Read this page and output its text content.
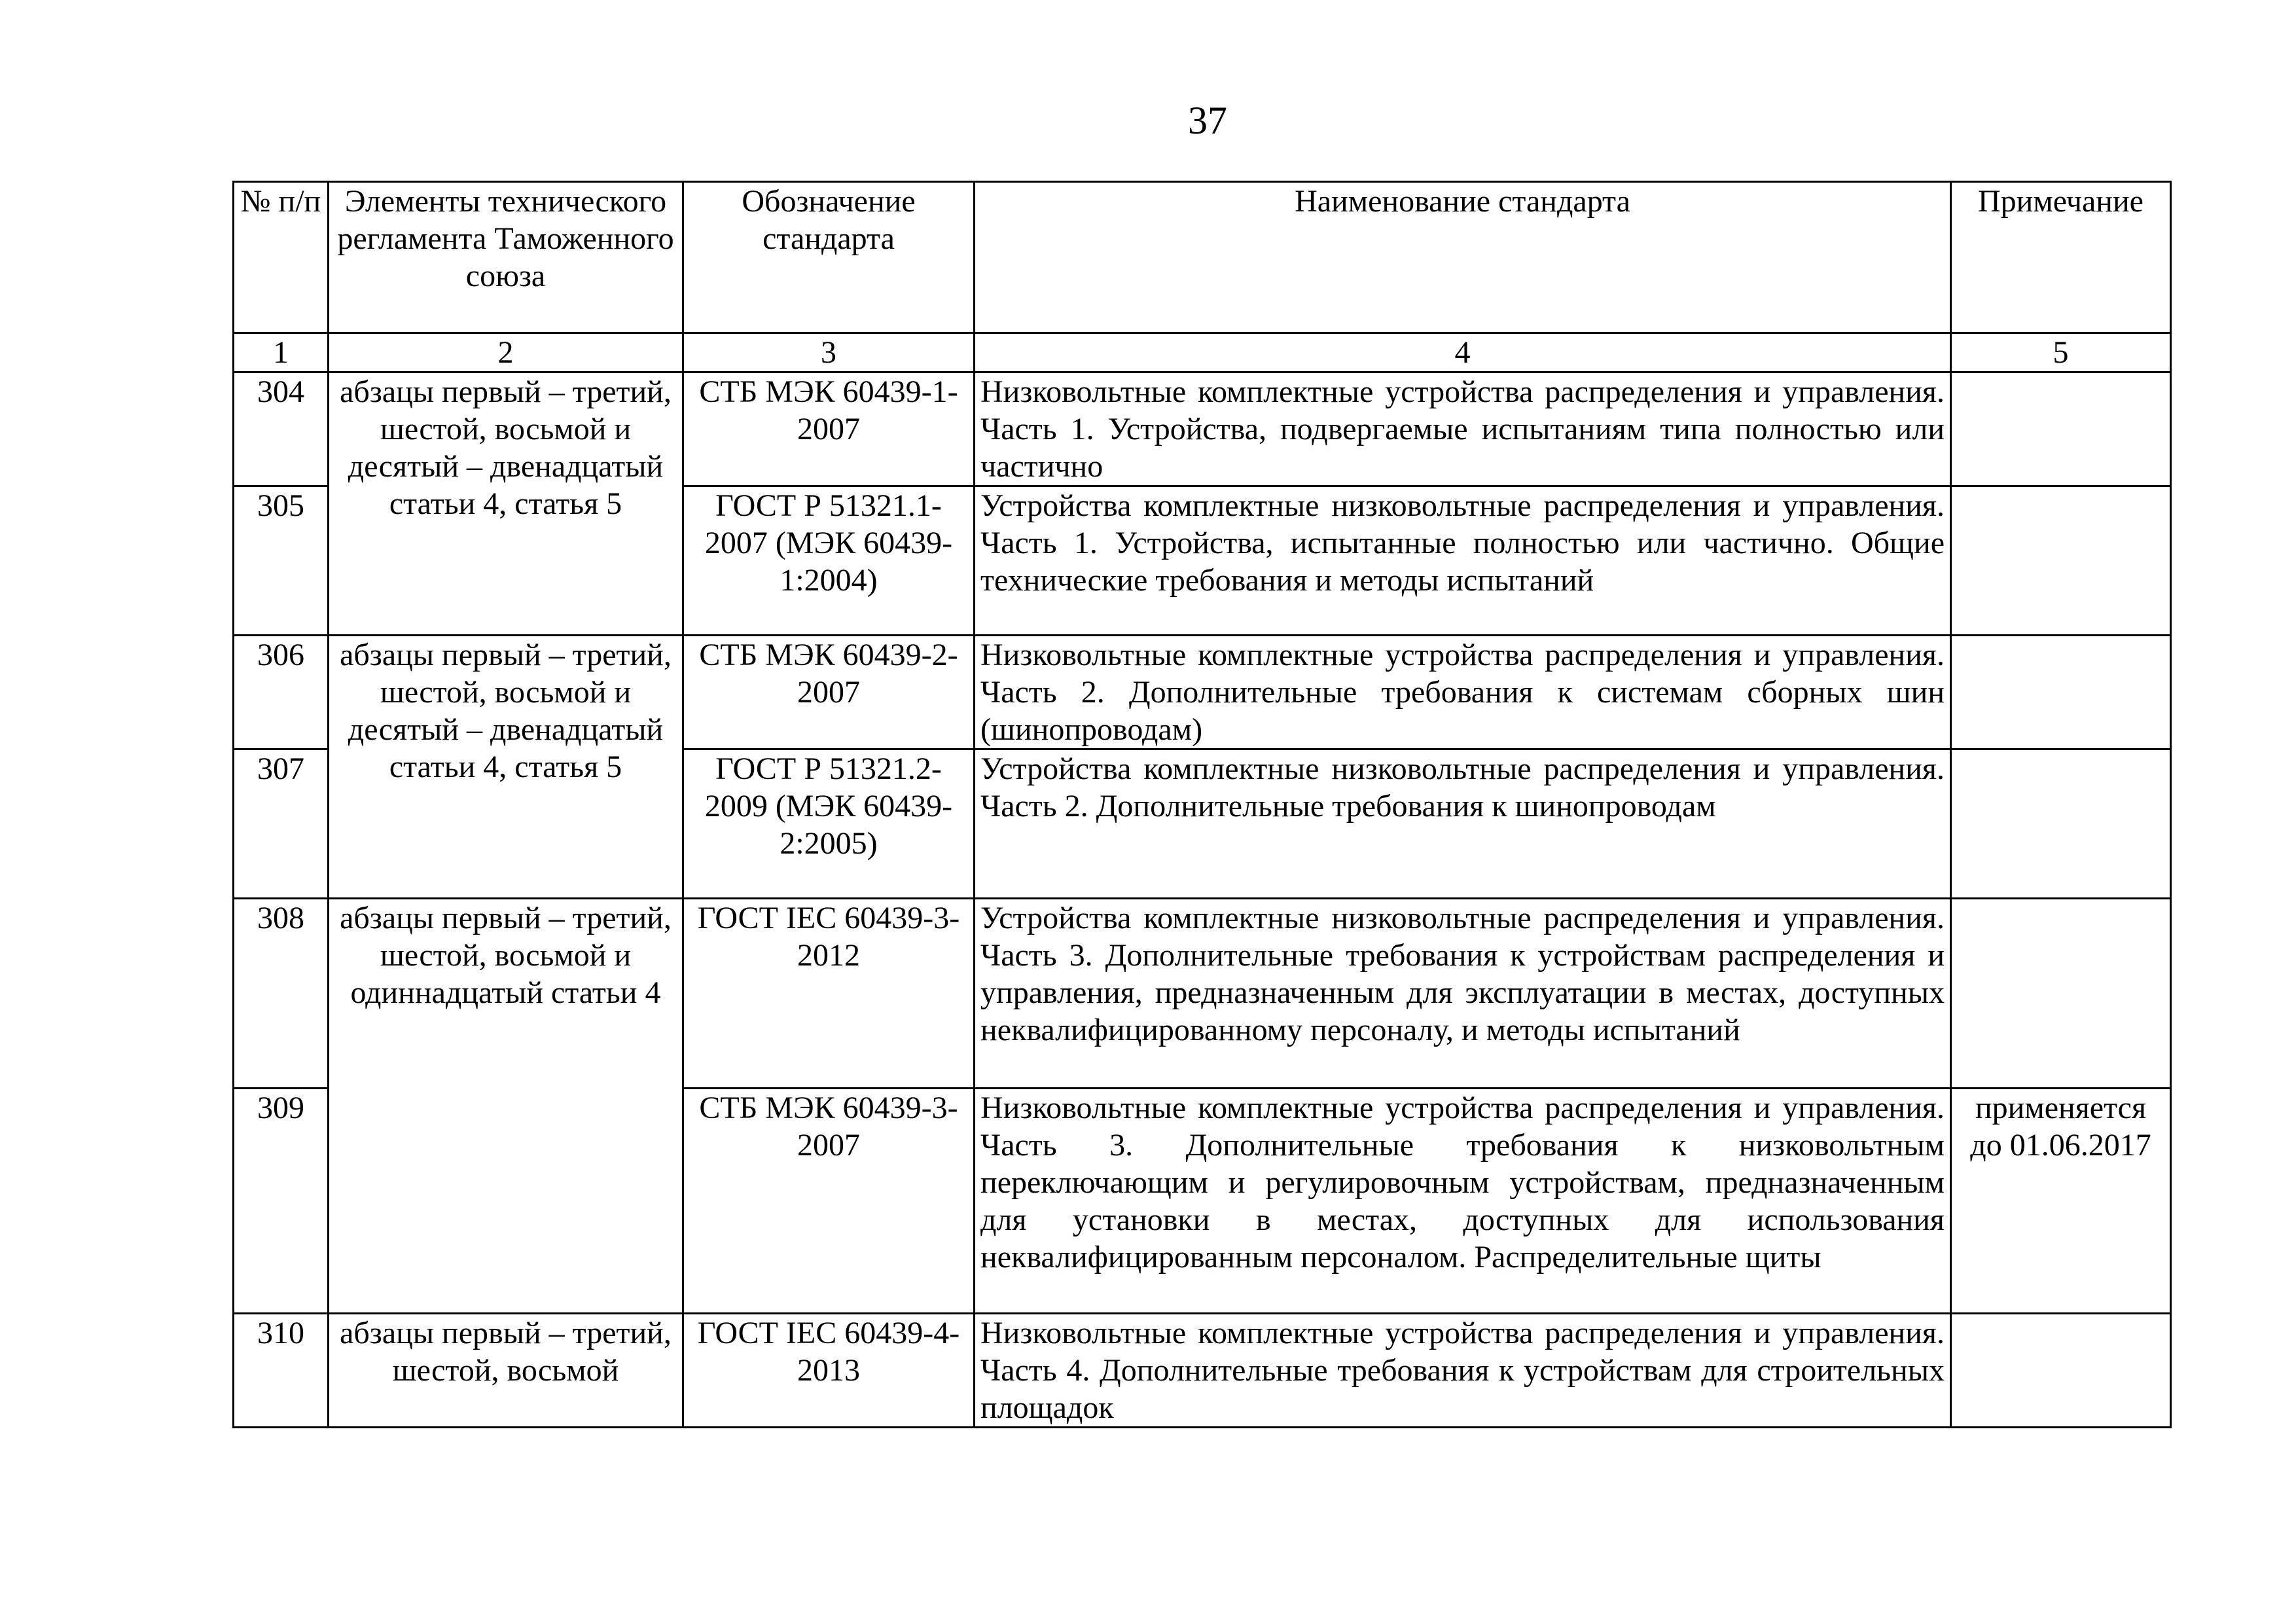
37
№ п/п	Элементы технического регламента Таможенного союза	Обозначение стандарта	Наименование стандарта	Примечание
1	2	3	4	5
304	абзацы первый – третий, шестой, восьмой и десятый – двенадцатый статьи 4, статья 5	СТБ МЭК 60439-1-2007	Низковольтные комплектные устройства распределения и управления. Часть 1. Устройства, подвергаемые испытаниям типа полностью или частично	

305		ГОСТ Р 51321.1-2007 (МЭК 60439-1:2004)	Устройства комплектные низковольтные распределения и управления. Часть 1. Устройства, испытанные полностью или частично. Общие технические требования и методы испытаний	

306	абзацы первый – третий, шестой, восьмой и десятый – двенадцатый статьи 4, статья 5	СТБ МЭК 60439-2-2007	Низковольтные комплектные устройства распределения и управления. Часть 2. Дополнительные требования к системам сборных шин (шинопроводам)	

307		ГОСТ Р 51321.2-2009 (МЭК 60439-2:2005)	Устройства комплектные низковольтные распределения и управления. Часть 2. Дополнительные требования к шинопроводам	

308	абзацы первый – третий, шестой, восьмой и одиннадцатый статьи 4	ГОСТ IEC 60439-3-2012	Устройства комплектные низковольтные распределения и управления. Часть 3. Дополнительные требования к устройствам распределения и управления, предназначенным для эксплуатации в местах, доступных неквалифицированному персоналу, и методы испытаний	

309		СТБ МЭК 60439-3-2007	Низковольтные комплектные устройства распределения и управления. Часть 3. Дополнительные требования к низковольтным переключающим и регулировочным устройствам, предназначенным для установки в местах, доступных для использования неквалифицированным персоналом. Распределительные щиты	применяется до 01.06.2017
310	абзацы первый – третий, шестой, восьмой	ГОСТ IEC 60439-4-2013	Низковольтные комплектные устройства распределения и управления. Часть 4. Дополнительные требования к устройствам для строительных площадок	
